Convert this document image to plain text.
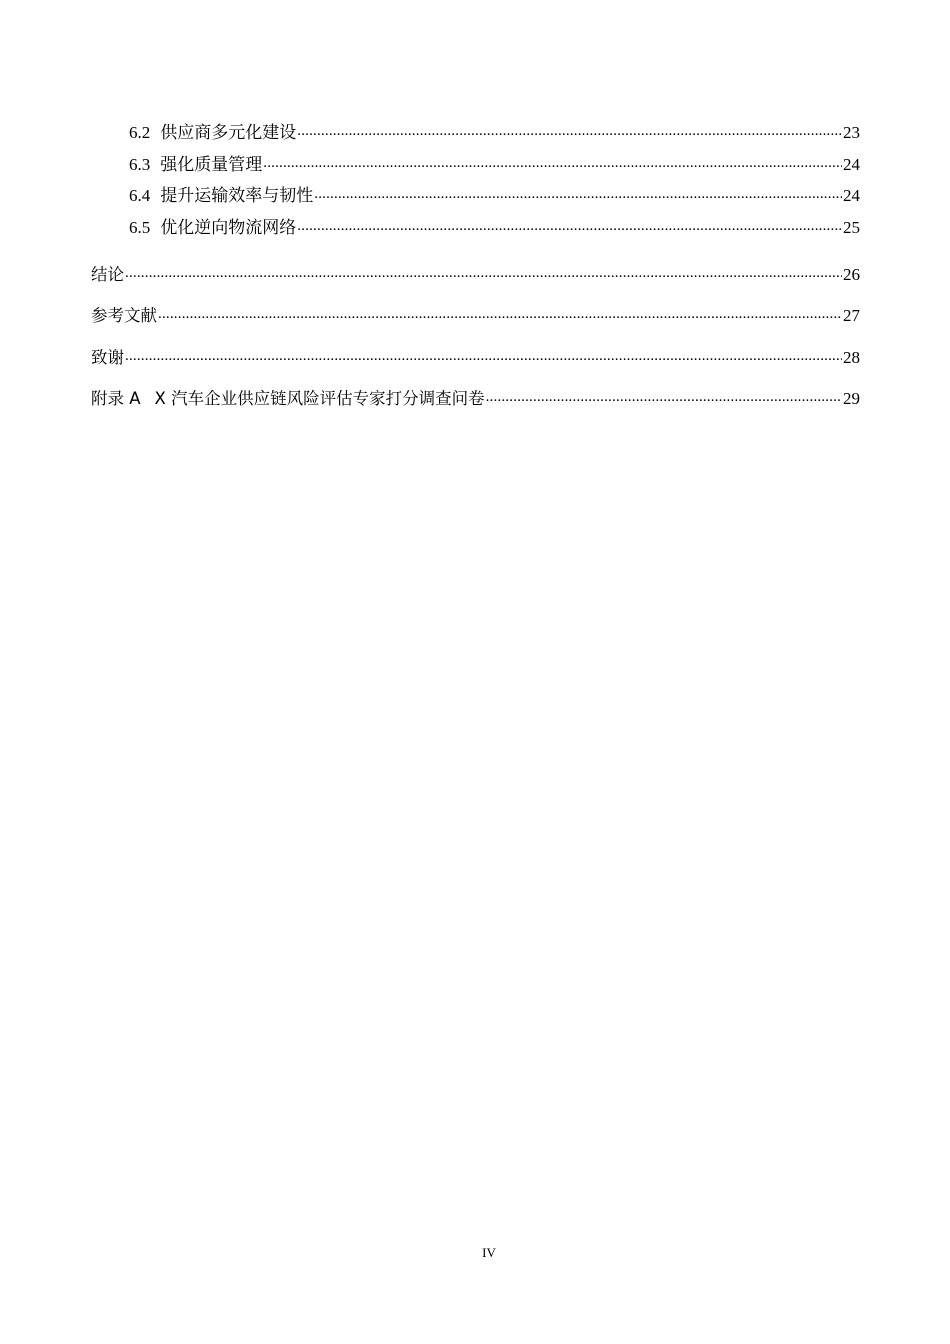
6.2 供应商多元化建设 .....	23
6.3 强化质量管理 .....	24
6.4 提升运输效率与韧性 .....	24
6.5 优化逆向物流网络 .....	25
结论 .....	26
参考文献 .....	27
致谢 .....	28
附录 A X 汽车企业供应链风险评估专家打分调查问卷 .....	29
IV
